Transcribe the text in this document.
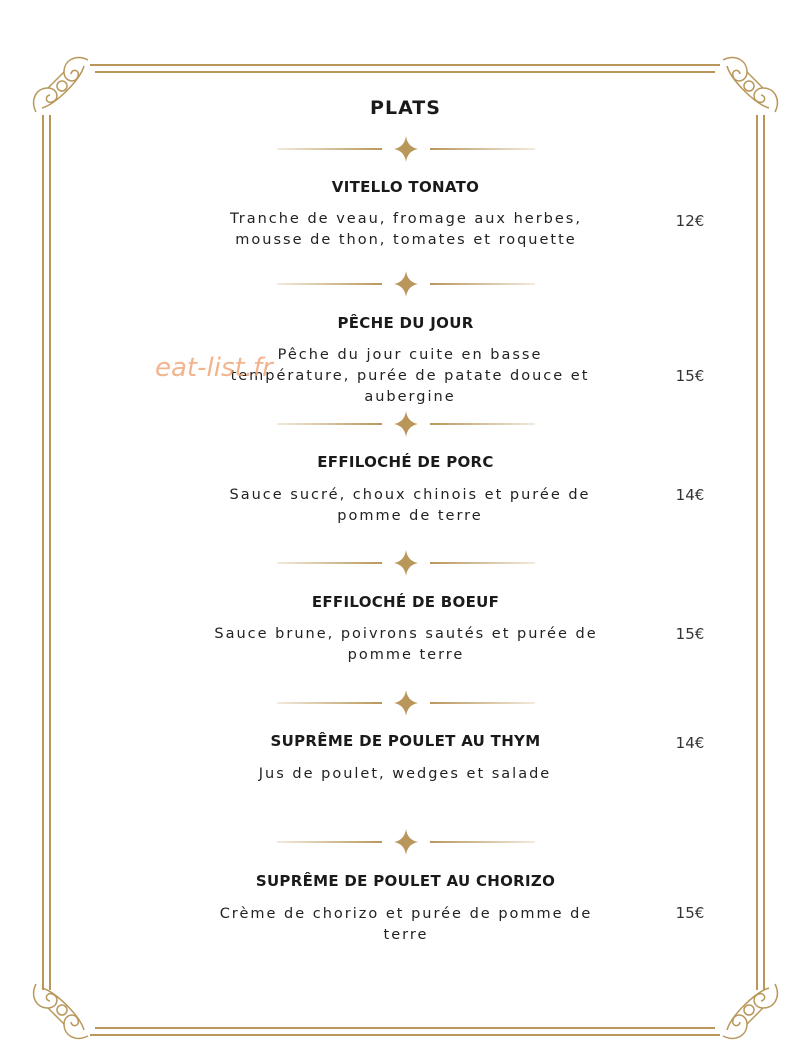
PLATS
VITELLO TONATO
Tranche de veau, fromage aux herbes, mousse de thon, tomates et roquette
12€
PÊCHE DU JOUR
Pêche du jour cuite en basse température, purée de patate douce et aubergine
15€
EFFILOCHÉ DE PORC
Sauce sucré, choux chinois et purée de pomme de terre
14€
EFFILOCHÉ DE BOEUF
Sauce brune, poivrons sautés et purée de pomme terre
15€
SUPRÊME DE POULET AU THYM
Jus de poulet, wedges et salade
14€
SUPRÊME DE POULET AU CHORIZO
Crème de chorizo et purée de pomme de terre
15€
eat-list.fr
